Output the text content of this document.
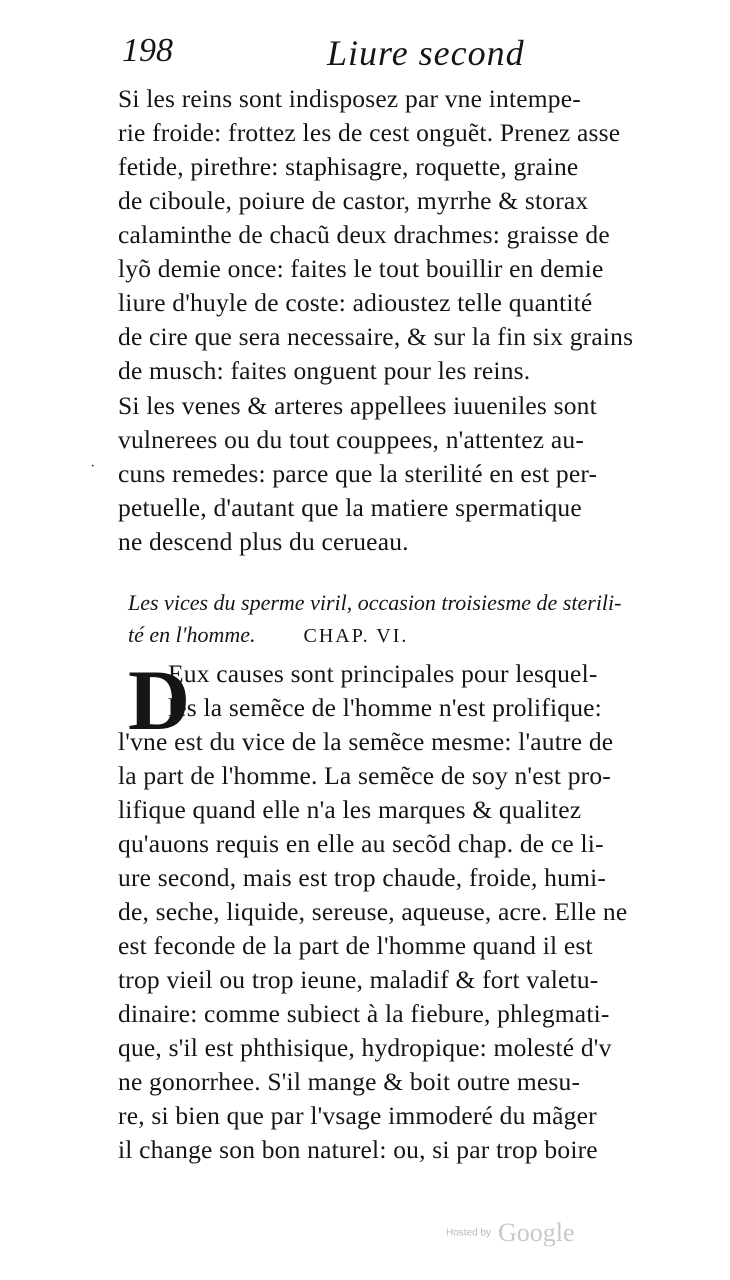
198	Liure second
Si les reins sont indisposez par vne intempe-
rie froide: frottez les de cest onguẽt. Prenez asse
fetide, pirethre: staphisagre, roquette, graine
de ciboule, poiure de castor, myrrhe & storax
calaminthe de chacũ deux drachmes: graisse de
lyõ demie once: faites le tout bouillir en demie
liure d'huyle de coste: adioustez telle quantité
de cire que sera necessaire, & sur la fin six grains
de musch: faites onguent pour les reins.
·
Si les venes & arteres appellees iuueniles sont
vulnerees ou du tout couppees, n'attentez au-
cuns remedes: parce que la sterilité en est per-
petuelle, d'autant que la matiere spermatique
ne descend plus du cerueau.
Les vices du sperme viril, occasion troisiesme de sterili-
té en l'homme. CHAP. VI.
D
Eux causes sont principales pour lesquel-
les la semẽce de l'homme n'est prolifique:
l'vne est du vice de la semẽce mesme: l'autre de
la part de l'homme. La semẽce de soy n'est pro-
lifique quand elle n'a les marques & qualitez
qu'auons requis en elle au secõd chap. de ce li-
ure second, mais est trop chaude, froide, humi-
de, seche, liquide, sereuse, aqueuse, acre. Elle ne
est feconde de la part de l'homme quand il est
trop vieil ou trop ieune, maladif & fort valetu-
dinaire: comme subiect à la fiebure, phlegmati-
que, s'il est phthisique, hydropique: molesté d'v
ne gonorrhee. S'il mange & boit outre mesu-
re, si bien que par l'vsage immoderé du mãger
il change son bon naturel: ou, si par trop boire
Hosted by Google
